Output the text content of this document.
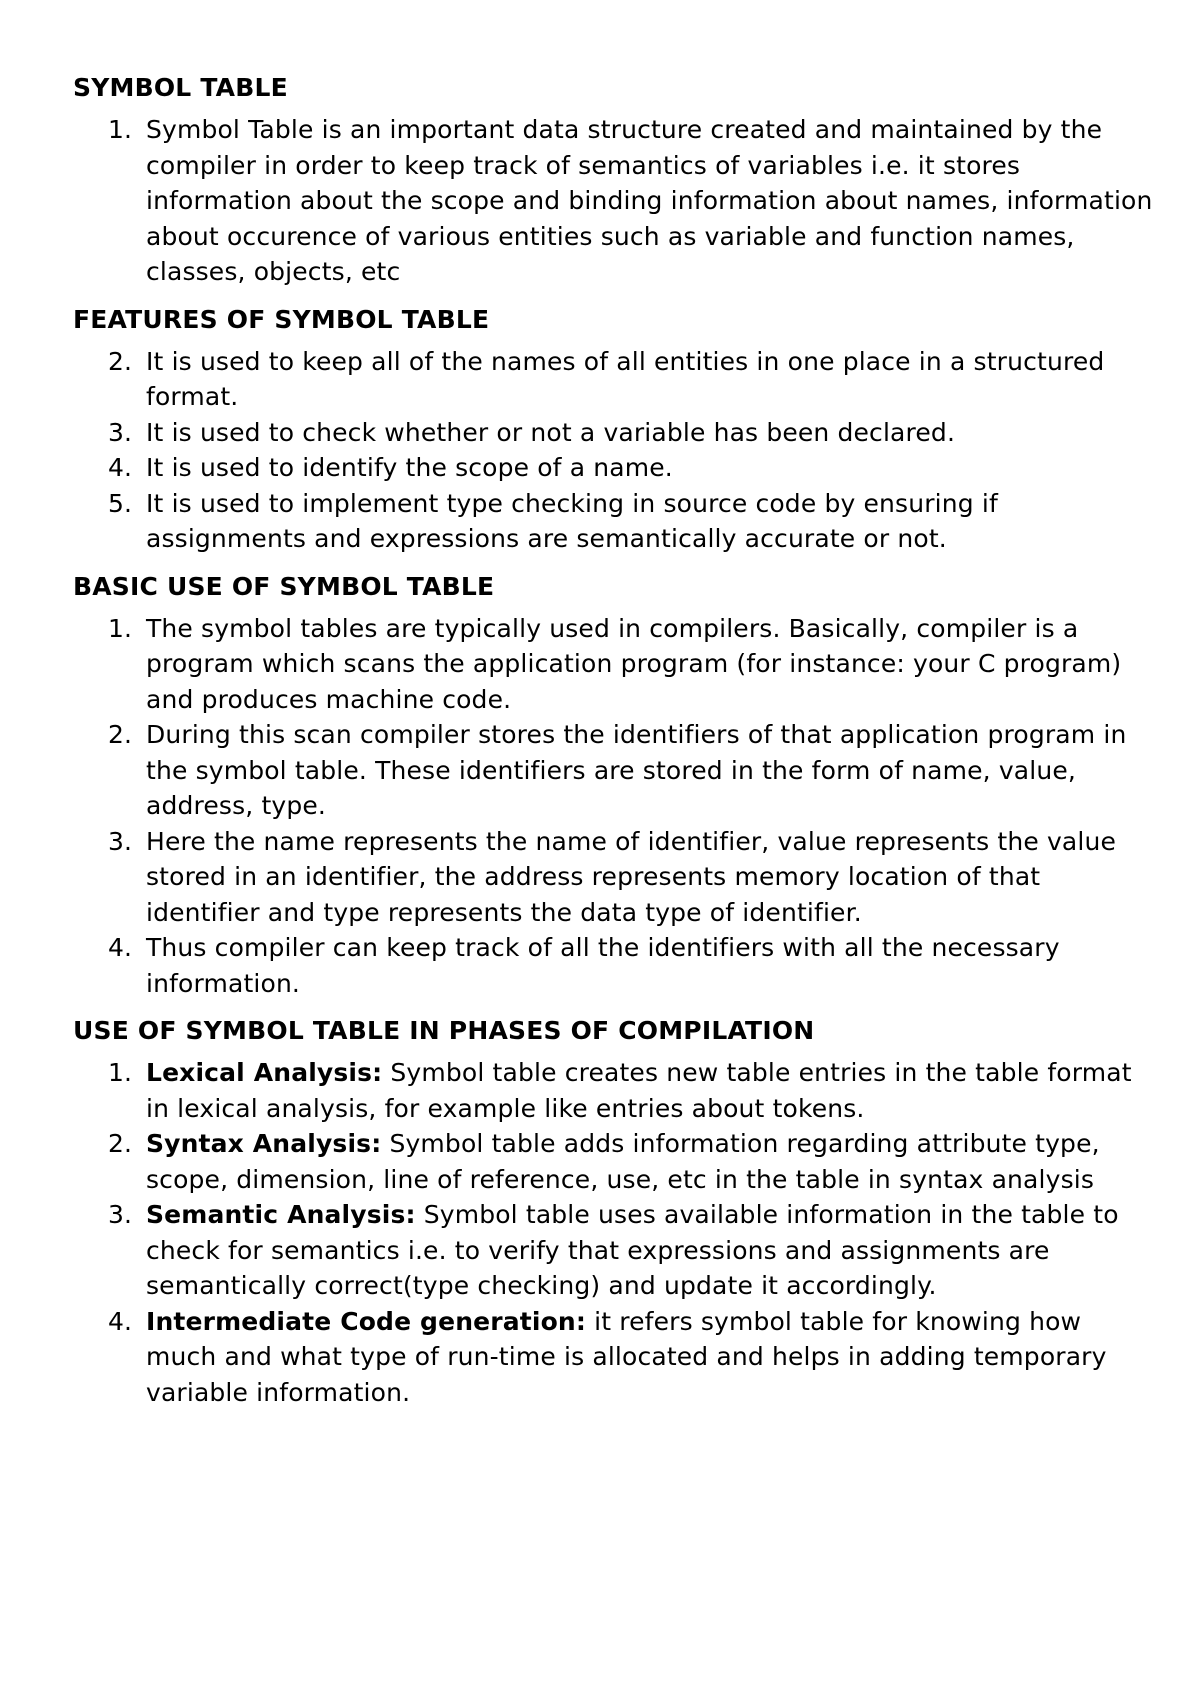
SYMBOL TABLE
1. Symbol Table is an important data structure created and maintained by the compiler in order to keep track of semantics of variables i.e. it stores information about the scope and binding information about names, information about occurence of various entities such as variable and function names, classes, objects, etc
FEATURES OF SYMBOL TABLE
2. It is used to keep all of the names of all entities in one place in a structured format.
3. It is used to check whether or not a variable has been declared.
4. It is used to identify the scope of a name.
5. It is used to implement type checking in source code by ensuring if assignments and expressions are semantically accurate or not.
BASIC USE OF SYMBOL TABLE
1. The symbol tables are typically used in compilers. Basically, compiler is a program which scans the application program (for instance: your C program) and produces machine code.
2. During this scan compiler stores the identifiers of that application program in the symbol table. These identifiers are stored in the form of name, value, address, type.
3. Here the name represents the name of identifier, value represents the value stored in an identifier, the address represents memory location of that identifier and type represents the data type of identifier.
4. Thus compiler can keep track of all the identifiers with all the necessary information.
USE OF SYMBOL TABLE IN PHASES OF COMPILATION
1. Lexical Analysis: Symbol table creates new table entries in the table format in lexical analysis, for example like entries about tokens.
2. Syntax Analysis: Symbol table adds information regarding attribute type, scope, dimension, line of reference, use, etc in the table in syntax analysis
3. Semantic Analysis: Symbol table uses available information in the table to check for semantics i.e. to verify that expressions and assignments are semantically correct(type checking) and update it accordingly.
4. Intermediate Code generation: it refers symbol table for knowing how much and what type of run-time is allocated and helps in adding temporary variable information.
